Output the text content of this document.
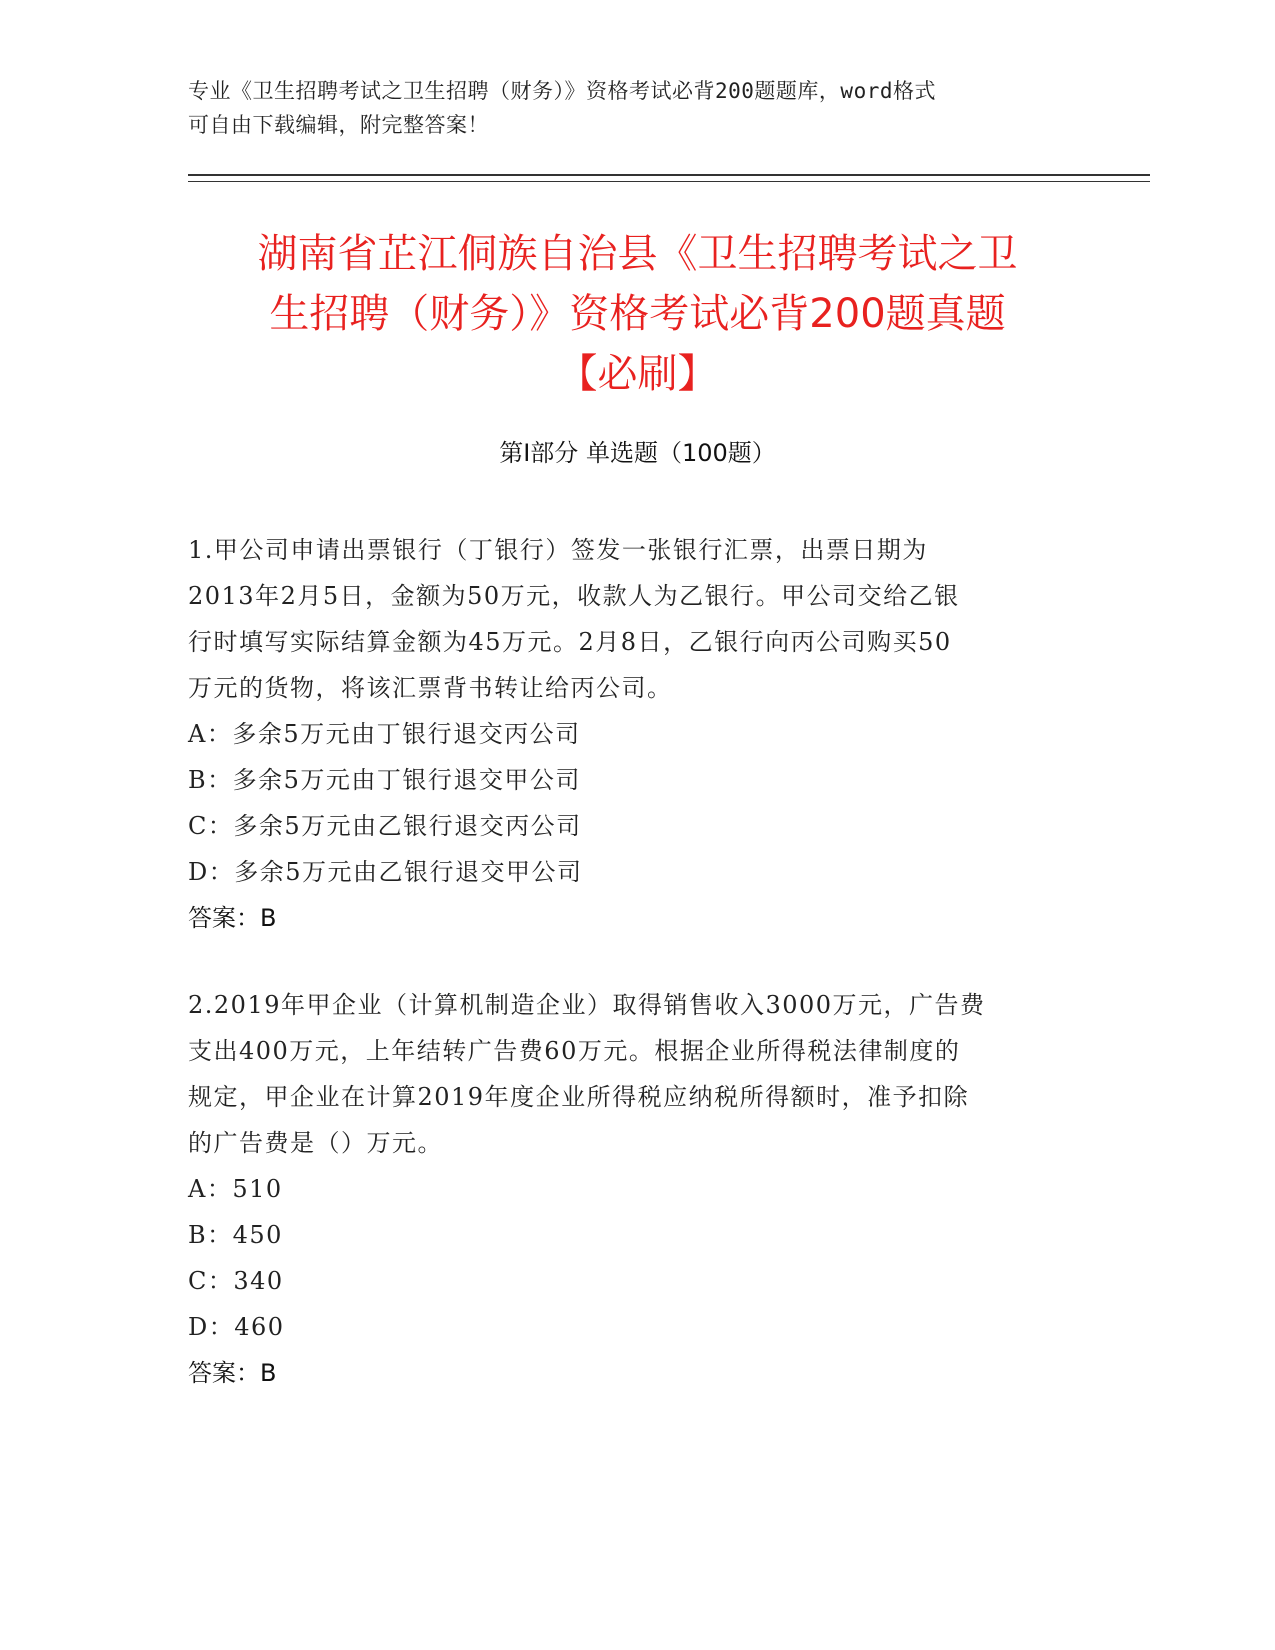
专业《卫生招聘考试之卫生招聘（财务）》资格考试必背200题题库，word格式
可自由下载编辑，附完整答案！
湖南省芷江侗族自治县《卫生招聘考试之卫
生招聘（财务）》资格考试必背200题真题
【必刷】
第I部分 单选题（100题）
1.甲公司申请出票银行（丁银行）签发一张银行汇票，出票日期为
2013年2月5日，金额为50万元，收款人为乙银行。甲公司交给乙银
行时填写实际结算金额为45万元。2月8日，乙银行向丙公司购买50
万元的货物，将该汇票背书转让给丙公司。
A：多余5万元由丁银行退交丙公司
B：多余5万元由丁银行退交甲公司
C：多余5万元由乙银行退交丙公司
D：多余5万元由乙银行退交甲公司
答案：B
2.2019年甲企业（计算机制造企业）取得销售收入3000万元，广告费
支出400万元，上年结转广告费60万元。根据企业所得税法律制度的
规定，甲企业在计算2019年度企业所得税应纳税所得额时，准予扣除
的广告费是（）万元。
A：510
B：450
C：340
D：460
答案：B
